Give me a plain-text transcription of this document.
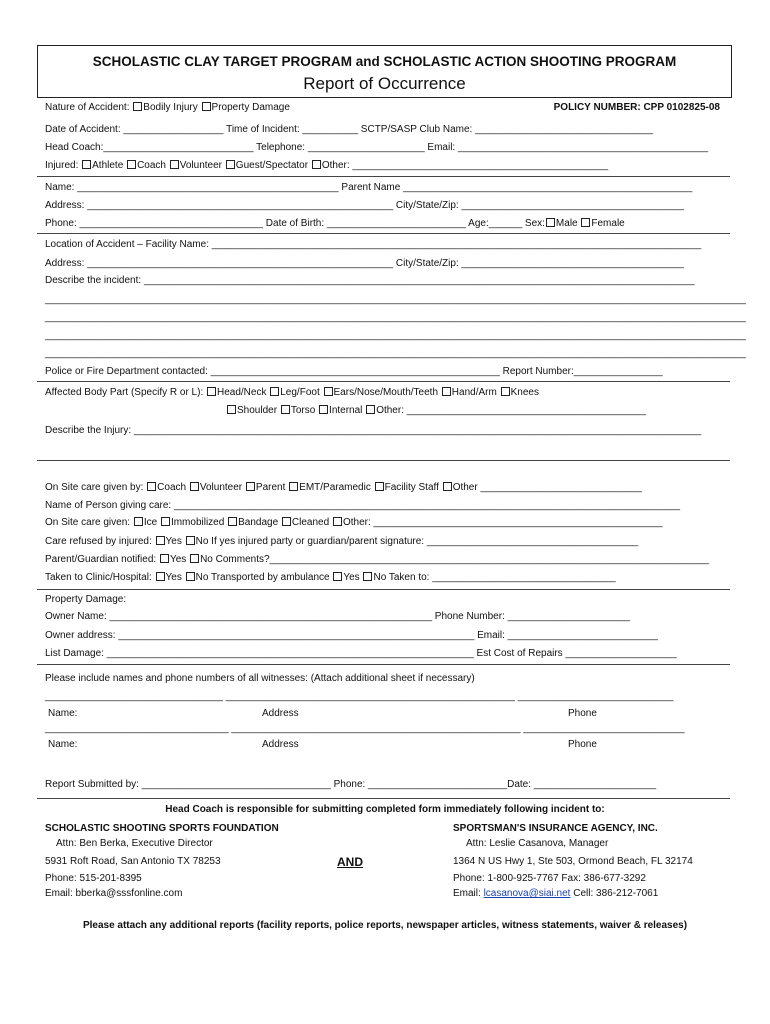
SCHOLASTIC CLAY TARGET PROGRAM and SCHOLASTIC ACTION SHOOTING PROGRAM
Report of Occurrence
Nature of Accident: Bodily Injury Property Damage	POLICY NUMBER: CPP 0102825-08
Date of Accident: __________________ Time of Incident: __________ SCTP/SASP Club Name: ________________________________
Head Coach:___________________________ Telephone: _____________________ Email: _____________________________________________
Injured: Athlete Coach Volunteer Guest/Spectator Other: ______________________________________________
Name: _______________________________________________ Parent Name ____________________________________________________
Address: _______________________________________________________ City/State/Zip: ________________________________________
Phone: _________________________________ Date of Birth: _________________________ Age:______ Sex: Male Female
Location of Accident – Facility Name: ________________________________________________________________________________________
Address: _______________________________________________________ City/State/Zip: ________________________________________
Describe the incident: ___________________________________________________________________________________________________
______________________________________________________________________________________________________________________________
______________________________________________________________________________________________________________________________
______________________________________________________________________________________________________________________________
______________________________________________________________________________________________________________________________
Police or Fire Department contacted: ____________________________________________________ Report Number:________________
Affected Body Part (Specify R or L): Head/Neck Leg/Foot Ears/Nose/Mouth/Teeth Hand/Arm Knees
Shoulder Torso Internal Other: ___________________________________________
Describe the Injury: ______________________________________________________________________________________________________
On Site care given by: Coach Volunteer Parent EMT/Paramedic Facility Staff Other _____________________________
Name of Person giving care: ___________________________________________________________________________________________
On Site care given: Ice Immobilized Bandage Cleaned Other: ____________________________________________________
Care refused by injured: Yes No If yes injured party or guardian/parent signature: ______________________________________
Parent/Guardian notified: Yes No Comments?_______________________________________________________________________________
Taken to Clinic/Hospital: Yes No Transported by ambulance Yes No Taken to: _________________________________
Property Damage:
Owner Name: __________________________________________________________ Phone Number: ______________________
Owner address: ________________________________________________________________ Email: ___________________________
List Damage: __________________________________________________________________ Est Cost of Repairs ____________________
Please include names and phone numbers of all witnesses: (Attach additional sheet if necessary)
________________________________ ____________________________________________________ ____________________________
Name:	Address	Phone
_________________________________ ____________________________________________________ _____________________________
Name:	Address	Phone
Report Submitted by: __________________________________ Phone: _________________________Date: ______________________
Head Coach is responsible for submitting completed form immediately following incident to:
SCHOLASTIC SHOOTING SPORTS FOUNDATION
Attn: Ben Berka, Executive Director
5931 Roft Road, San Antonio TX 78253
Phone: 515-201-8395
Email: bberka@sssfonline.com
AND
SPORTSMAN'S INSURANCE AGENCY, INC.
Attn: Leslie Casanova, Manager
1364 N US Hwy 1, Ste 503, Ormond Beach, FL 32174
Phone: 1-800-925-7767 Fax: 386-677-3292
Email: lcasanova@siai.net Cell: 386-212-7061
Please attach any additional reports (facility reports, police reports, newspaper articles, witness statements, waiver & releases)
